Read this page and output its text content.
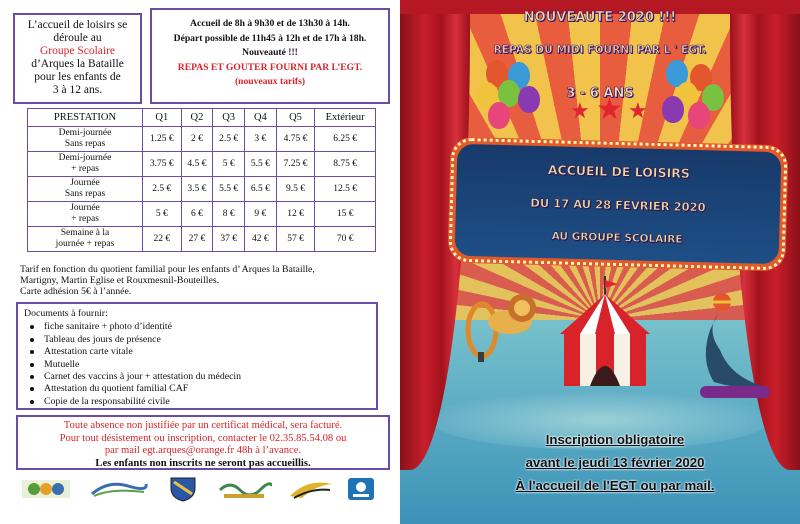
L’accueil de loisirs se
déroule au
Groupe Scolaire
d’Arques la Bataille
pour les enfants de
3 à 12 ans.
Accueil de 8h à 9h30 et de 13h30 à 14h.
Départ possible de 11h45 à 12h et de 17h à 18h.
Nouveauté !!!
REPAS ET GOUTER FOURNI PAR L’EGT.
(nouveaux tarifs)
PRESTATION	Q1	Q2	Q3	Q4	Q5	Extérieur
Demi-journée
Sans repas	1.25 €	2 €	2.5 €	3 €	4.75 €	6.25 €
Demi-journée
+ repas	3.75 €	4.5 €	5 €	5.5 €	7.25 €	8.75 €
Journée
Sans repas	2.5 €	3.5 €	5.5 €	6.5 €	9.5 €	12.5 €
Journée
+ repas	5 €	6 €	8 €	9 €	12 €	15 €
Semaine à la
journée + repas	22 €	27 €	37 €	42 €	57 €	70 €
Tarif en fonction du quotient familial pour les enfants d’ Arques la Bataille,
Martigny, Martin Eglise et Rouxmesnil-Bouteilles.
Carte adhésion 5€ à l’année.
Documents à fournir:
fiche sanitaire + photo d’identité
Tableau des jours de présence
Attestation carte vitale
Mutuelle
Carnet des vaccins à jour + attestation du médecin
Attestation du quotient familial CAF
Copie de la responsabilité civile
Toute absence non justifiée par un certificat médical, sera facturé.
Pour tout désistement ou inscription, contacter le 02.35.85.54.08 ou
par mail egt.arques@orange.fr 48h à l’avance.
Les enfants non inscrits ne seront pas accueillis.
NOUVEAUTE 2020 !!!
REPAS DU MIDI FOURNI PAR L ' EGT.
3 - 6 ANS
★ ★ ★
ACCUEIL DE LOISIRS
DU 17 AU 28 FEVRIER 2020
AU GROUPE SCOLAIRE
Inscription obligatoire
avant le jeudi 13 février 2020
À l'accueil de l'EGT ou par mail.
